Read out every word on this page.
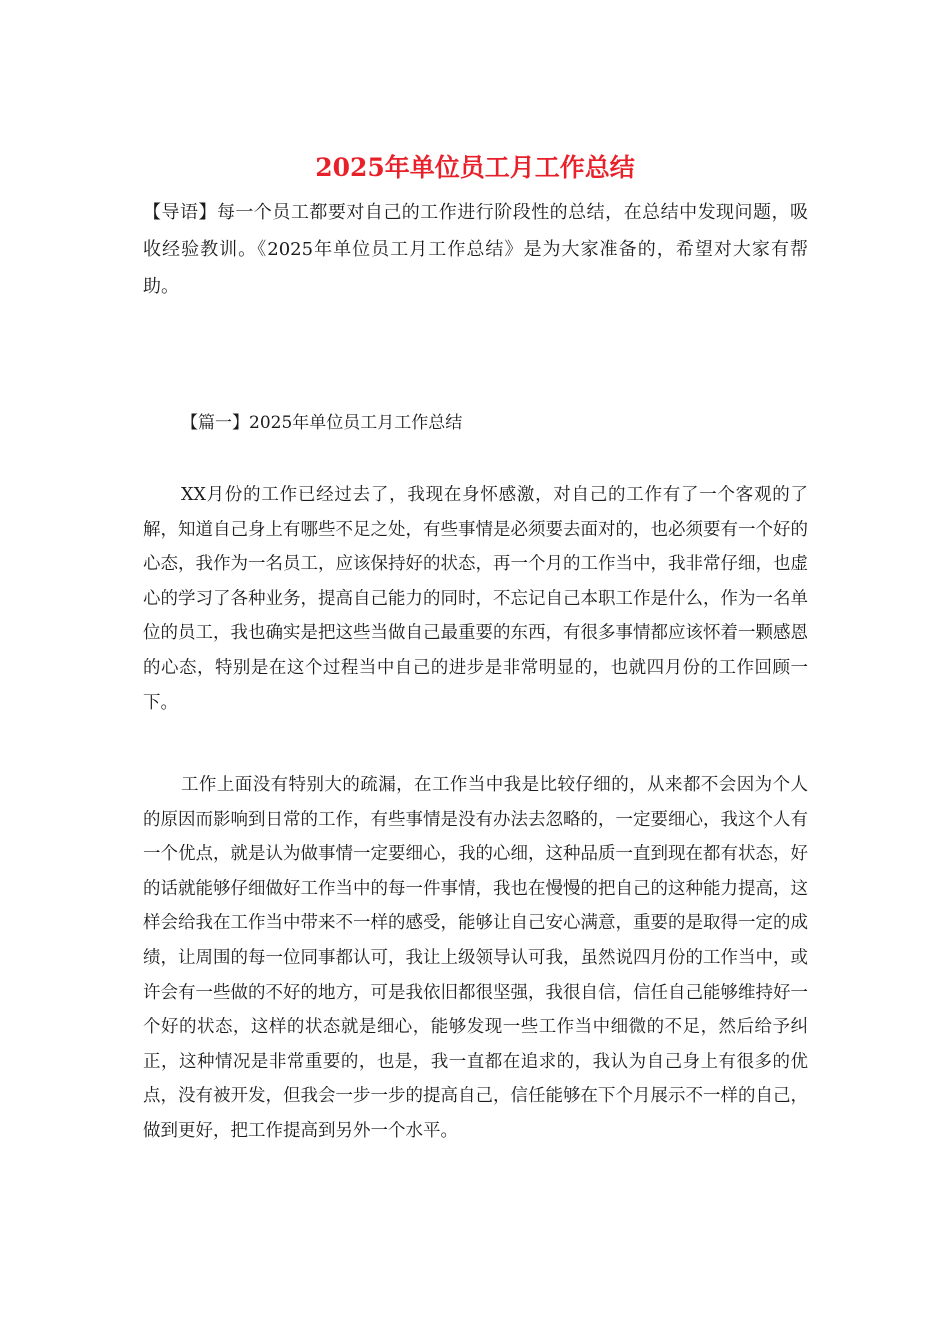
2025年单位员工月工作总结

【导语】每一个员工都要对自己的工作进行阶段性的总结，在总结中发现问题，吸收经验教训。《2025年单位员工月工作总结》是为大家准备的，希望对大家有帮助。

【篇一】2025年单位员工月工作总结

XX月份的工作已经过去了，我现在身怀感激，对自己的工作有了一个客观的了解，知道自己身上有哪些不足之处，有些事情是必须要去面对的，也必须要有一个好的心态，我作为一名员工，应该保持好的状态，再一个月的工作当中，我非常仔细，也虚心的学习了各种业务，提高自己能力的同时，不忘记自己本职工作是什么，作为一名单位的员工，我也确实是把这些当做自己最重要的东西，有很多事情都应该怀着一颗感恩的心态，特别是在这个过程当中自己的进步是非常明显的，也就四月份的工作回顾一下。

工作上面没有特别大的疏漏，在工作当中我是比较仔细的，从来都不会因为个人的原因而影响到日常的工作，有些事情是没有办法去忽略的，一定要细心，我这个人有一个优点，就是认为做事情一定要细心，我的心细，这种品质一直到现在都有状态，好的话就能够仔细做好工作当中的每一件事情，我也在慢慢的把自己的这种能力提高，这样会给我在工作当中带来不一样的感受，能够让自己安心满意，重要的是取得一定的成绩，让周围的每一位同事都认可，我让上级领导认可我，虽然说四月份的工作当中，或许会有一些做的不好的地方，可是我依旧都很坚强，我很自信，信任自己能够维持好一个好的状态，这样的状态就是细心，能够发现一些工作当中细微的不足，然后给予纠正，这种情况是非常重要的，也是，我一直都在追求的，我认为自己身上有很多的优点，没有被开发，但我会一步一步的提高自己，信任能够在下个月展示不一样的自己，做到更好，把工作提高到另外一个水平。
